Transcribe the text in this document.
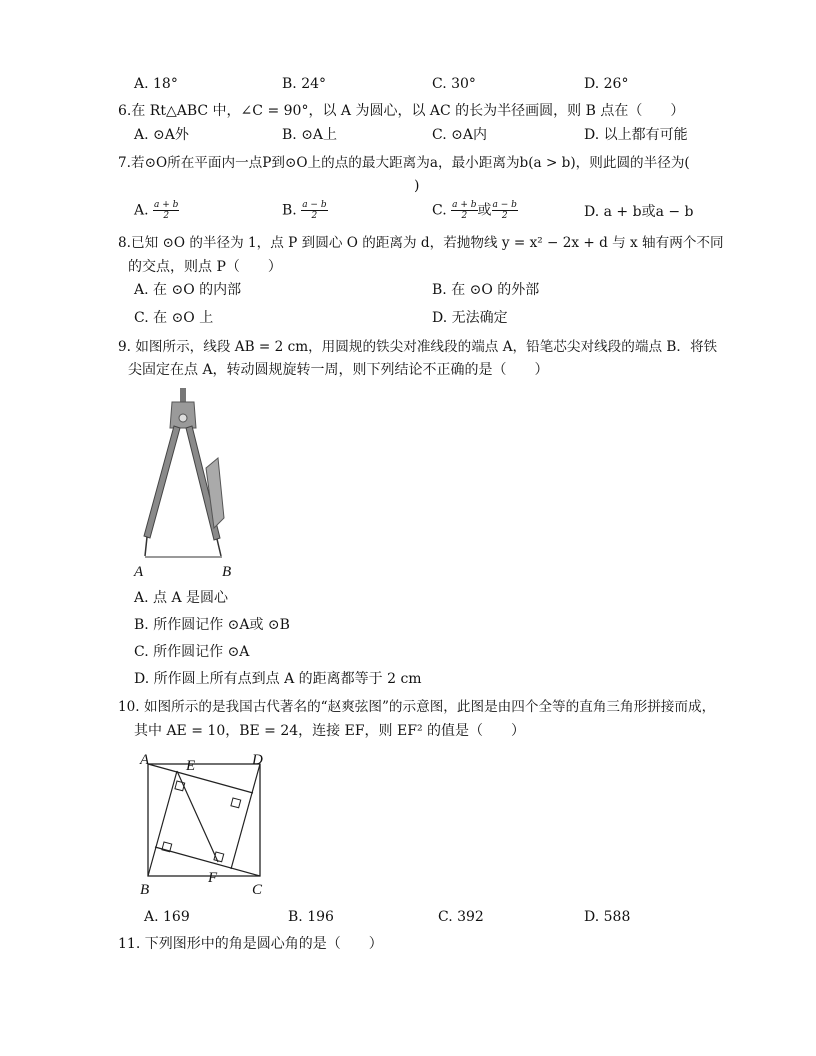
A. 18°	B. 24°	C. 30°	D. 26°
6.在 Rt△ABC 中，∠C = 90°，以 A 为圆心，以 AC 的长为半径画圆，则 B 点在（　　）
A. ⊙A外	B. ⊙A上	C. ⊙A内	D. 以上都有可能
7.若⊙O所在平面内一点P到⊙O上的点的最大距离为a，最小距离为b(a > b)，则此圆的半径为(
)
A. $\frac{a + b}{2}$	B. $\frac{a - b}{2}$	C. $\frac{a + b}{2}$ 或 $\frac{a - b}{2}$	D. a + b或a − b
8.已知 ⊙O 的半径为 1，点 P 到圆心 O 的距离为 d，若抛物线 y = x² − 2x + d 与 x 轴有两个不同
的交点，则点 P（　　）
A. 在 ⊙O 的内部	B. 在 ⊙O 的外部
C. 在 ⊙O 上	D. 无法确定
9. 如图所示，线段 AB = 2 cm，用圆规的铁尖对准线段的端点 A，铅笔芯尖对线段的端点 B．将铁
尖固定在点 A，转动圆规旋转一周，则下列结论不正确的是（　　）
A	B
A. 点 A 是圆心
B. 所作圆记作 ⊙A或 ⊙B
C. 所作圆记作 ⊙A
D. 所作圆上所有点到点 A 的距离都等于 2 cm
10. 如图所示的是我国古代著名的“赵爽弦图”的示意图，此图是由四个全等的直角三角形拼接而成，
其中 AE = 10，BE = 24，连接 EF，则 EF² 的值是（　　）
A	D
B	C
E
F
A. 169	B. 196	C. 392	D. 588
11. 下列图形中的角是圆心角的是（　　）
